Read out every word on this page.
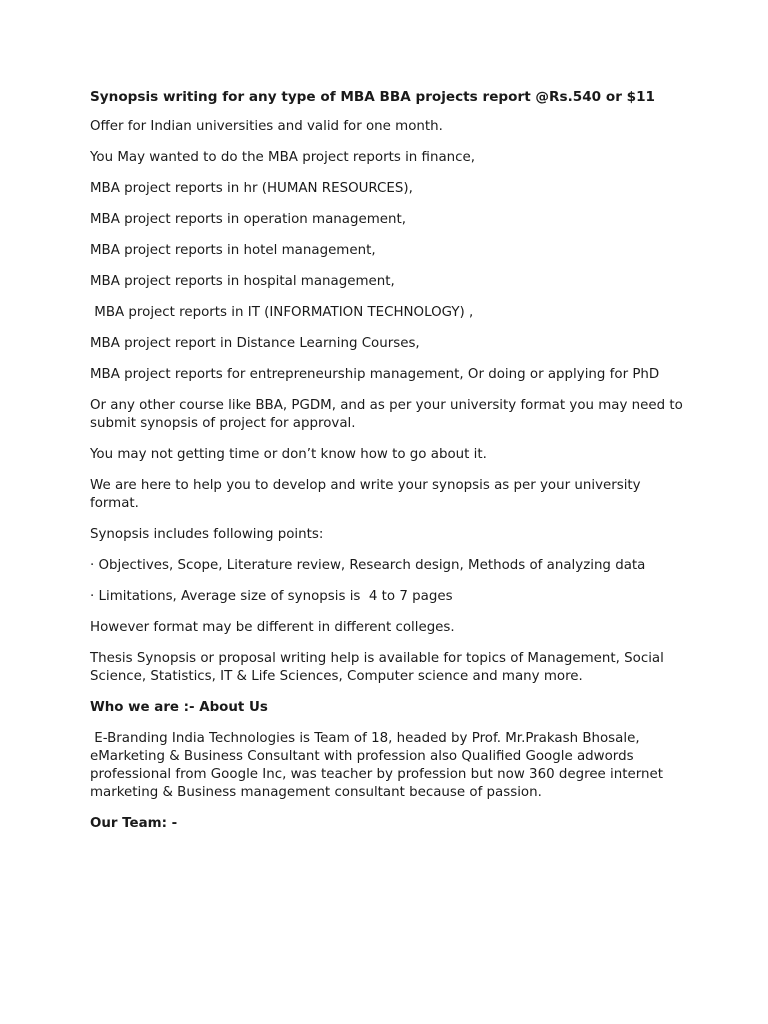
Synopsis writing for any type of MBA BBA projects report @Rs.540 or $11

Offer for Indian universities and valid for one month.

You May wanted to do the MBA project reports in finance,

MBA project reports in hr (HUMAN RESOURCES),

MBA project reports in operation management,

MBA project reports in hotel management,

MBA project reports in hospital management,

MBA project reports in IT (INFORMATION TECHNOLOGY) ,

MBA project report in Distance Learning Courses,

MBA project reports for entrepreneurship management, Or doing or applying for PhD

Or any other course like BBA, PGDM, and as per your university format you may need to submit synopsis of project for approval.

You may not getting time or don’t know how to go about it.

We are here to help you to develop and write your synopsis as per your university format.

Synopsis includes following points:

· Objectives, Scope, Literature review, Research design, Methods of analyzing data

· Limitations, Average size of synopsis is  4 to 7 pages

However format may be different in different colleges.

Thesis Synopsis or proposal writing help is available for topics of Management, Social Science, Statistics, IT & Life Sciences, Computer science and many more.

Who we are :- About Us

E-Branding India Technologies is Team of 18, headed by Prof. Mr.Prakash Bhosale, eMarketing & Business Consultant with profession also Qualified Google adwords professional from Google Inc, was teacher by profession but now 360 degree internet marketing & Business management consultant because of passion.

Our Team: -
